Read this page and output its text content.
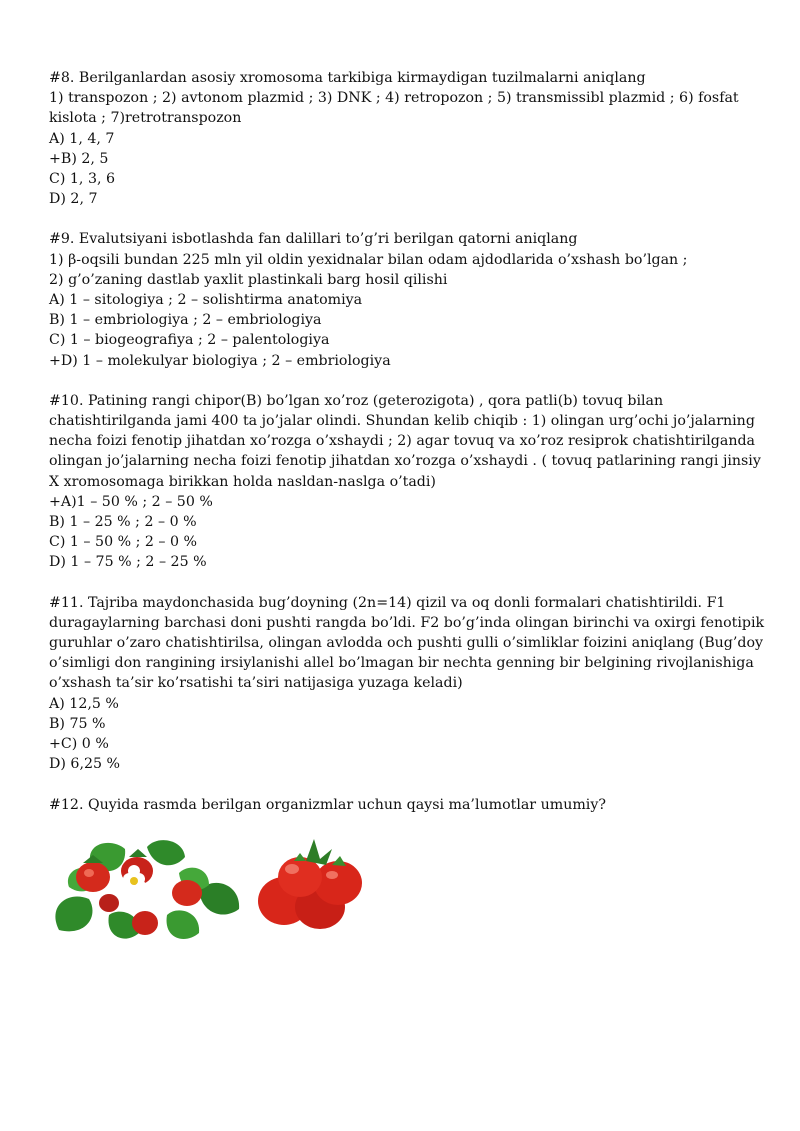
#8. Berilganlardan asosiy xromosoma tarkibiga kirmaydigan tuzilmalarni aniqlang

1) transpozon ; 2) avtonom plazmid ; 3) DNK ; 4) retropozon ; 5) transmissibl plazmid ; 6) fosfat kislota ; 7)retrotranspozon

A) 1, 4, 7

+B) 2, 5

C) 1, 3, 6

D) 2, 7

#9. Evalutsiyani isbotlashda fan dalillari to’g’ri berilgan qatorni aniqlang

1) β-oqsili bundan 225 mln yil oldin yexidnalar bilan odam ajdodlarida o’xshash bo’lgan ;

2) g’o’zaning dastlab yaxlit plastinkali barg hosil qilishi

A) 1 – sitologiya ; 2 – solishtirma anatomiya

B) 1 – embriologiya ; 2 – embriologiya

C) 1 – biogeografiya ; 2 – palentologiya

+D) 1 – molekulyar biologiya ; 2 – embriologiya

#10. Patining rangi chipor(B) bo’lgan xo’roz (geterozigota) , qora patli(b) tovuq bilan chatishtirilganda jami 400 ta jo’jalar olindi. Shundan kelib chiqib : 1) olingan urg’ochi jo’jalarning necha foizi fenotip jihatdan xo’rozga o’xshaydi ; 2) agar tovuq va xo’roz resiprok chatishtirilganda olingan jo’jalarning necha foizi fenotip jihatdan xo’rozga o’xshaydi . ( tovuq patlarining rangi jinsiy X xromosomaga birikkan holda nasldan-naslga o’tadi)

+A)1 – 50 % ; 2 – 50 %

B) 1 – 25 % ; 2 – 0 %

C) 1 – 50 % ; 2 – 0 %

D) 1 – 75 % ; 2 – 25 %

#11. Tajriba maydonchasida bug’doyning (2n=14) qizil va oq donli formalari chatishtirildi. F1 duragaylarning barchasi doni pushti rangda bo’ldi. F2 bo’g’inda olingan birinchi va oxirgi fenotipik guruhlar o’zaro chatishtirilsa, olingan avlodda och pushti gulli o’simliklar foizini aniqlang (Bug’doy o’simligi don rangining irsiylanishi allel bo’lmagan bir nechta genning bir belgining rivojlanishiga o’xshash ta’sir ko’rsatishi ta’siri natijasiga yuzaga keladi)

A) 12,5 %

B) 75 %

+C) 0 %

D) 6,25 %

#12. Quyida rasmda berilgan organizmlar uchun qaysi ma’lumotlar umumiy?
